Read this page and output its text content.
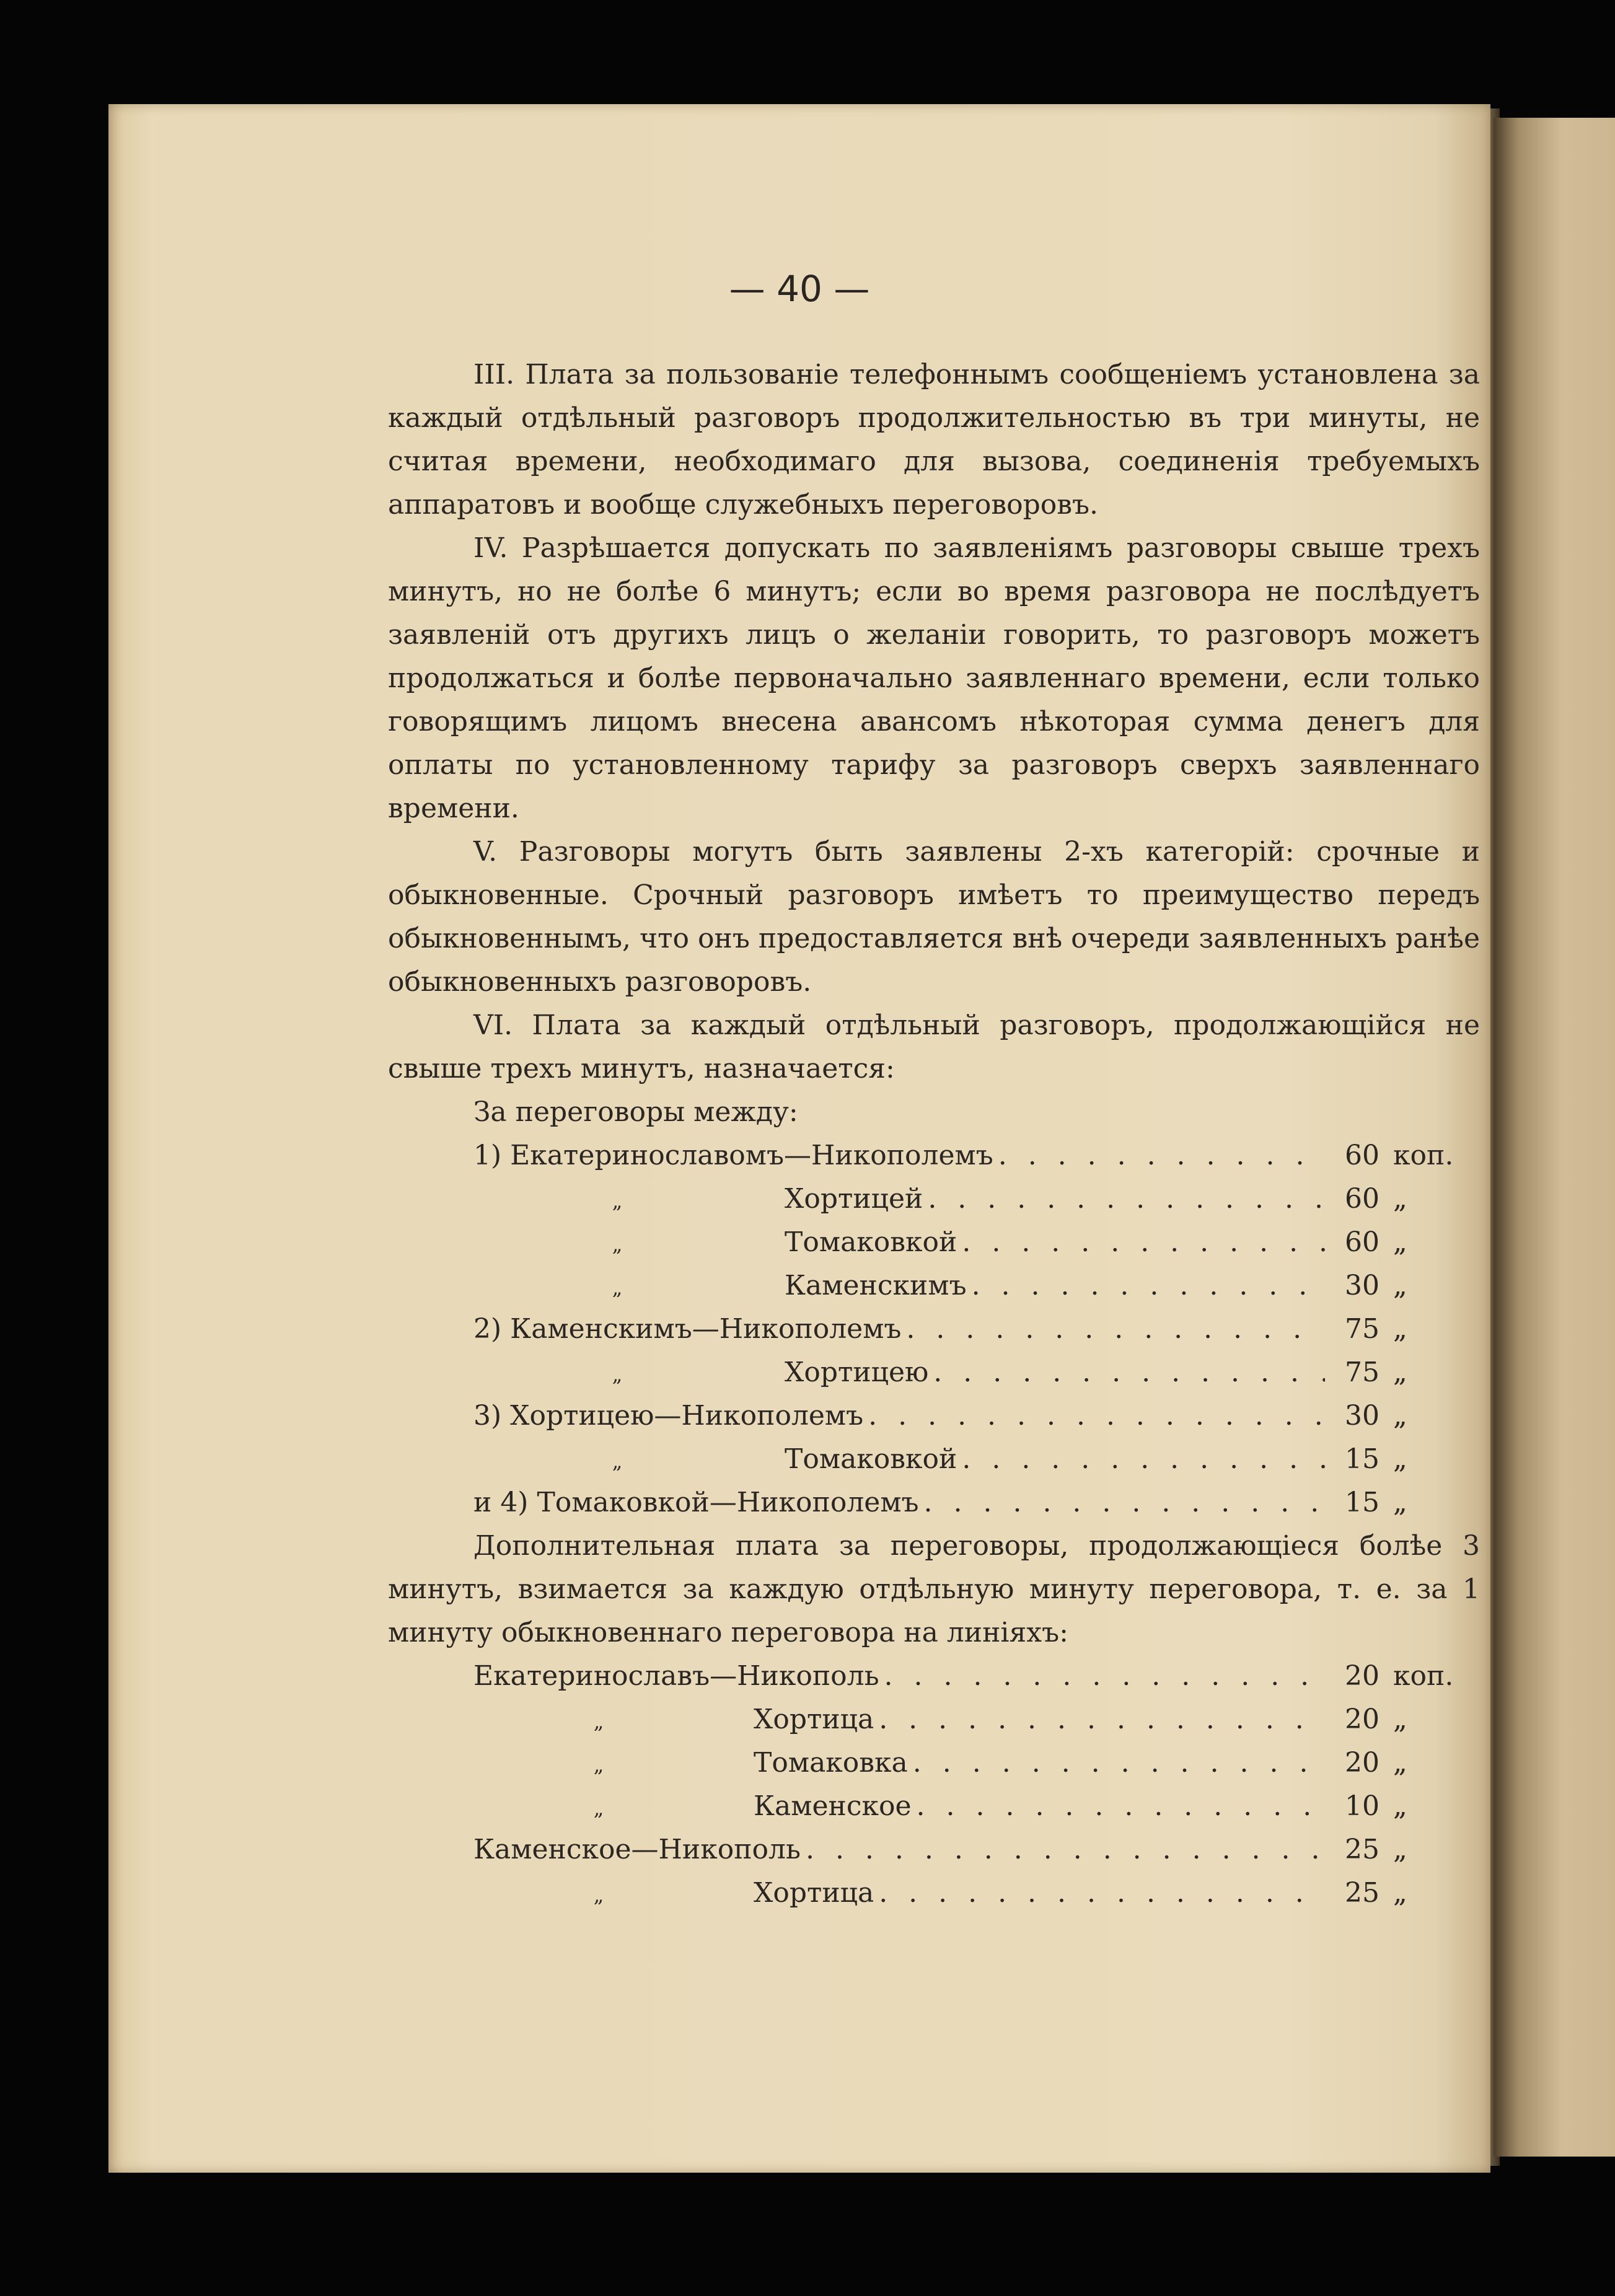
— 40 —
III. Плата за пользованіе телефоннымъ сообщеніемъ установлена за каждый отдѣльный разговоръ продолжительностью въ три минуты, не считая времени, необходимаго для вызова, соединенія требуемыхъ аппаратовъ и вообще служебныхъ переговоровъ.
IV. Разрѣшается допускать по заявленіямъ разговоры свыше трехъ минутъ, но не болѣе 6 минутъ; если во время разговора не послѣдуетъ заявленій отъ другихъ лицъ о желаніи говорить, то разговоръ можетъ продолжаться и болѣе первоначально заявленнаго времени, если только говорящимъ лицомъ внесена авансомъ нѣкоторая сумма денегъ для оплаты по установленному тарифу за разговоръ сверхъ заявленнаго времени.
V. Разговоры могутъ быть заявлены 2-хъ категорій: срочные и обыкновенные. Срочный разговоръ имѣетъ то преимущество передъ обыкновеннымъ, что онъ предоставляется внѣ очереди заявленныхъ ранѣе обыкновенныхъ разговоровъ.
VI. Плата за каждый отдѣльный разговоръ, продолжающійся не свыше трехъ минутъ, назначается:
За переговоры между:
1) Екатеринославомъ—Никополемъ . . .	60 коп.
„	Хортицей . . .	60 „
„	Томаковкой . . .	60 „
„	Каменскимъ . . .	30 „
2) Каменскимъ—Никополемъ . . .	75 „
„	Хортицею . . .	75 „
3) Хортицею—Никополемъ . . .	30 „
„	Томаковкой . . .	15 „
и 4) Томаковкой—Никополемъ . . .	15 „
Дополнительная плата за переговоры, продолжающіеся болѣе 3 минутъ, взимается за каждую отдѣльную минуту переговора, т. е. за 1 минуту обыкновеннаго переговора на линіяхъ:
Екатеринославъ—Никополь . . .	20 коп.
„	Хортица . . .	20 „
„	Томаковка . . .	20 „
„	Каменское . . .	10 „
Каменское—Никополь . . .	25 „
„	Хортица . . .	25 „
